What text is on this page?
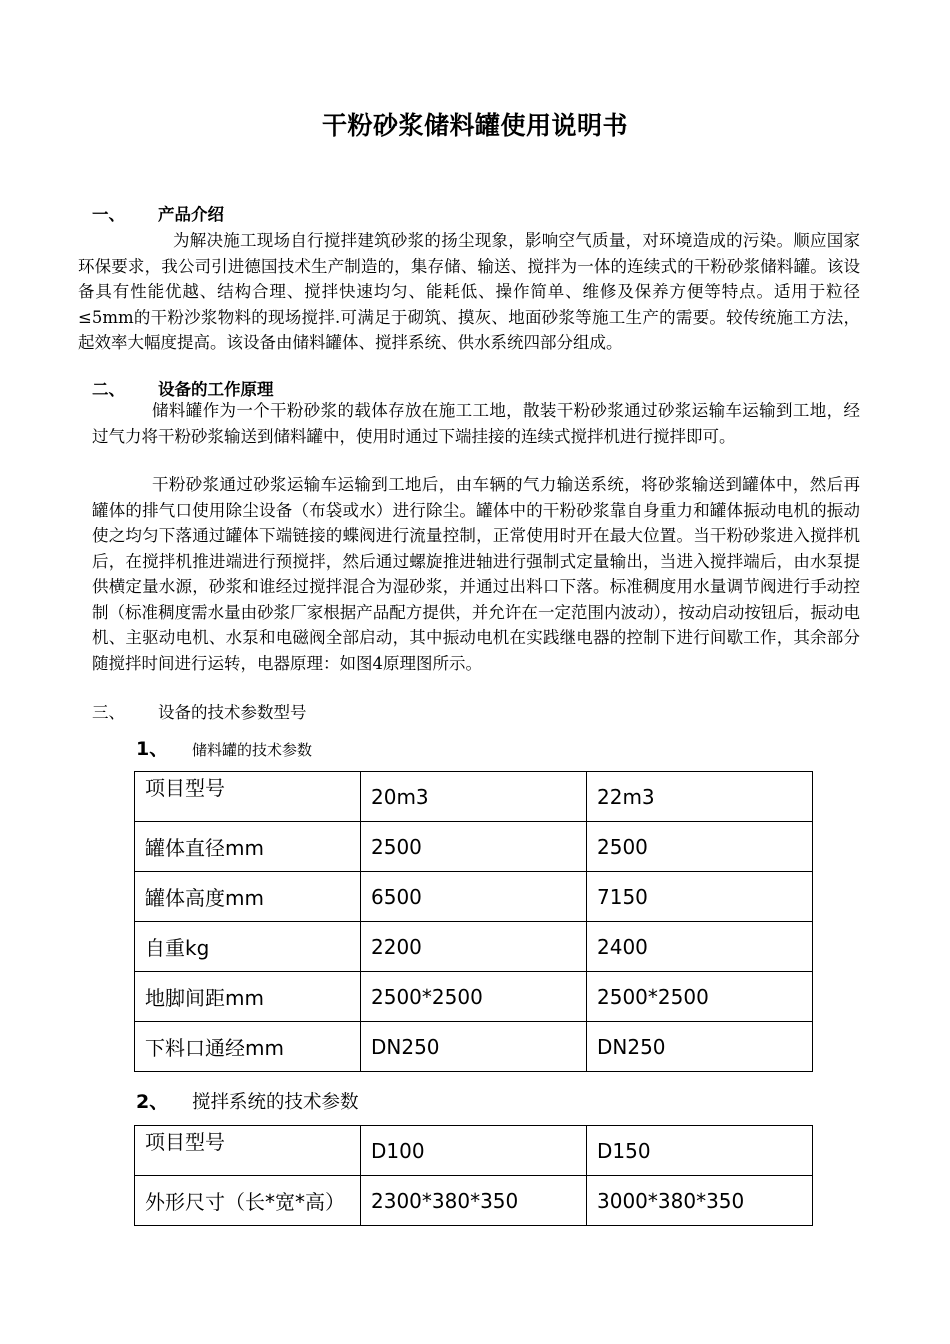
干粉砂浆储料罐使用说明书
一、 产品介绍

为解决施工现场自行搅拌建筑砂浆的扬尘现象，影响空气质量，对环境造成的污染。顺应国家环保要求，我公司引进德国技术生产制造的，集存储、输送、搅拌为一体的连续式的干粉砂浆储料罐。该设备具有性能优越、结构合理、搅拌快速均匀、能耗低、操作简单、维修及保养方便等特点。适用于粒径≤5mm的干粉沙浆物料的现场搅拌.可满足于砌筑、摸灰、地面砂浆等施工生产的需要。较传统施工方法，起效率大幅度提高。该设备由储料罐体、搅拌系统、供水系统四部分组成。

二、 设备的工作原理

储料罐作为一个干粉砂浆的载体存放在施工工地，散装干粉砂浆通过砂浆运输车运输到工地，经过气力将干粉砂浆输送到储料罐中，使用时通过下端挂接的连续式搅拌机进行搅拌即可。

干粉砂浆通过砂浆运输车运输到工地后，由车辆的气力输送系统，将砂浆输送到罐体中，然后再罐体的排气口使用除尘设备（布袋或水）进行除尘。罐体中的干粉砂浆靠自身重力和罐体振动电机的振动使之均匀下落通过罐体下端链接的蝶阀进行流量控制，正常使用时开在最大位置。当干粉砂浆进入搅拌机后，在搅拌机推进端进行预搅拌，然后通过螺旋推进轴进行强制式定量输出，当进入搅拌端后，由水泵提供横定量水源，砂浆和谁经过搅拌混合为湿砂浆，并通过出料口下落。标准稠度用水量调节阀进行手动控制（标准稠度需水量由砂浆厂家根据产品配方提供，并允许在一定范围内波动），按动启动按钮后，振动电机、主驱动电机、水泵和电磁阀全部启动，其中振动电机在实践继电器的控制下进行间歇工作，其余部分随搅拌时间进行运转，电器原理：如图4原理图所示。

三、 设备的技术参数型号
1、 储料罐的技术参数
项目型号	20m3	22m3
罐体直径mm	2500	2500
罐体高度mm	6500	7150
自重kg	2200	2400
地脚间距mm	2500*2500	2500*2500
下料口通经mm	DN250	DN250
2、 搅拌系统的技术参数
项目型号	D100	D150
外形尺寸（长*宽*高）	2300*380*350	3000*380*350
